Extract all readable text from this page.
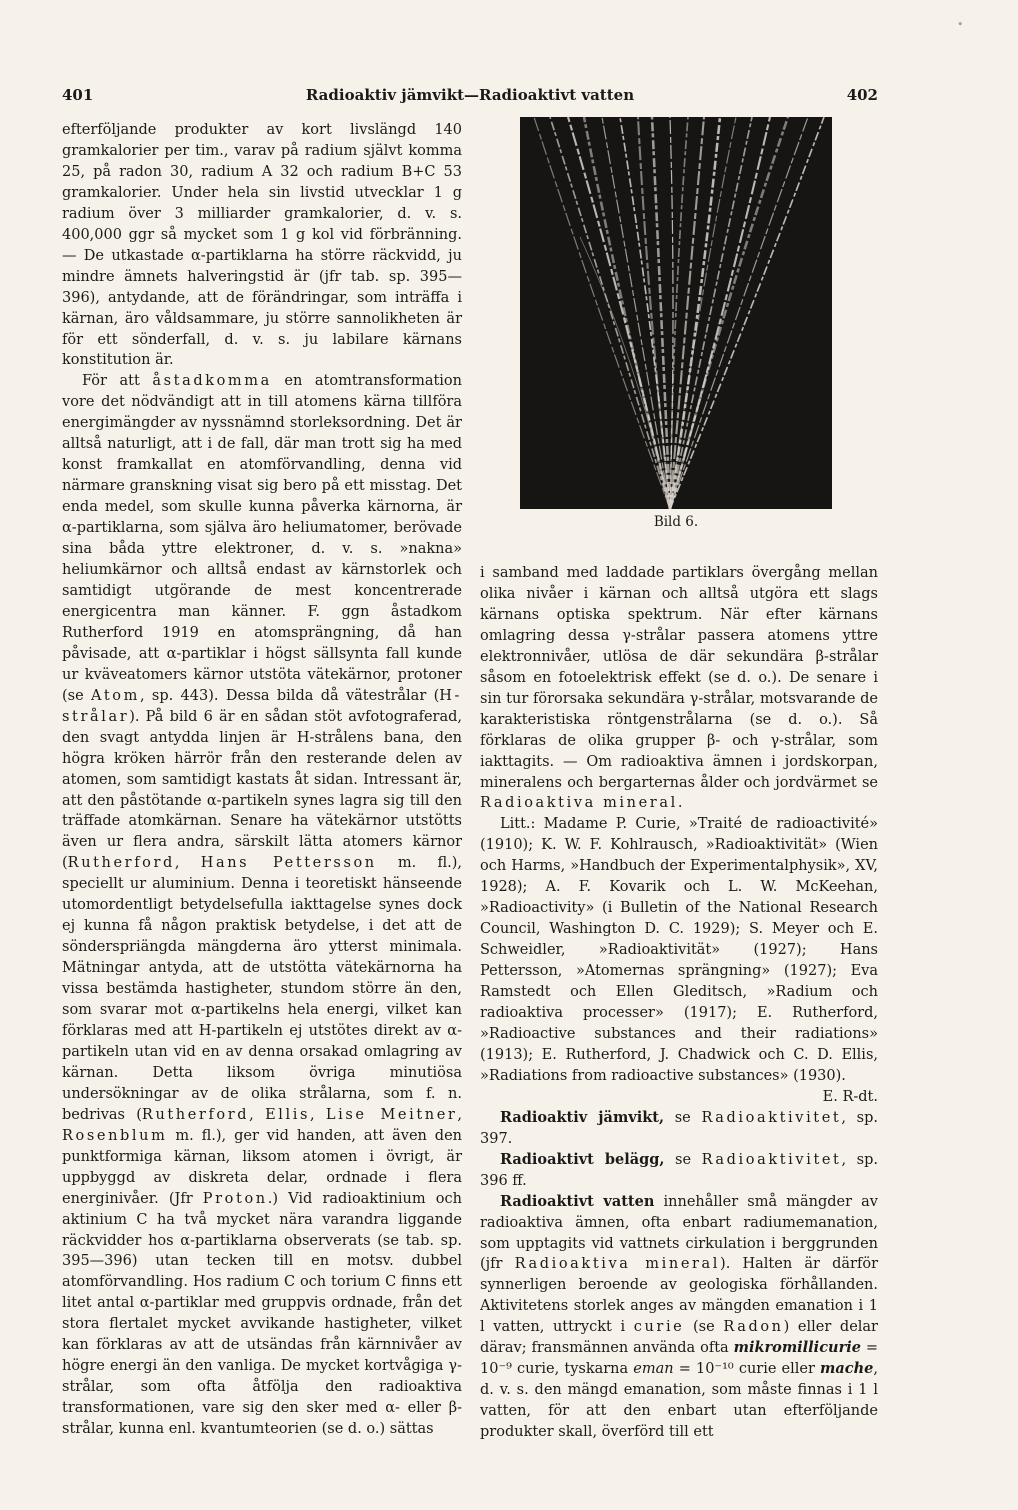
•
401	Radioaktiv jämvikt—Radioaktivt vatten	402

efterföljande produkter av kort livslängd 140 gramkalorier per tim., varav på radium självt komma 25, på radon 30, radium A 32 och radium B+C 53 gramkalorier. Under hela sin livstid utvecklar 1 g radium över 3 milliarder gramkalorier, d. v. s. 400,000 ggr så mycket som 1 g kol vid förbränning. — De utkastade α-partiklarna ha större räckvidd, ju mindre ämnets halveringstid är (jfr tab. sp. 395—396), antydande, att de förändringar, som inträffa i kärnan, äro våldsammare, ju större sannolikheten är för ett sönderfall, d. v. s. ju labilare kärnans konstitution är.

För att åstadkomma en atomtransformation vore det nödvändigt att in till atomens kärna tillföra energimängder av nyssnämnd storleksordning. Det är alltså naturligt, att i de fall, där man trott sig ha med konst framkallat en atomförvandling, denna vid närmare granskning visat sig bero på ett misstag. Det enda medel, som skulle kunna påverka kärnorna, är α-partiklarna, som själva äro heliumatomer, berövade sina båda yttre elektroner, d. v. s. »nakna» heliumkärnor och alltså endast av kärnstorlek och samtidigt utgörande de mest koncentrerade energicentra man känner. F. ggn åstadkom Rutherford 1919 en atomsprängning, då han påvisade, att α-partiklar i högst sällsynta fall kunde ur kväveatomers kärnor utstöta vätekärnor, protoner (se Atom, sp. 443). Dessa bilda då vätestrålar (H-strålar). På bild 6 är en sådan stöt avfotograferad, den svagt antydda linjen är H-strålens bana, den högra kröken härrör från den resterande delen av atomen, som samtidigt kastats åt sidan. Intressant är, att den påstötande α-partikeln synes lagra sig till den träffade atomkärnan. Senare ha vätekärnor utstötts även ur flera andra, särskilt lätta atomers kärnor (Rutherford, Hans Pettersson m. fl.), speciellt ur aluminium. Denna i teoretiskt hänseende utomordentligt betydelsefulla iakttagelse synes dock ej kunna få någon praktisk betydelse, i det att de sönderspriängda mängderna äro ytterst minimala. Mätningar antyda, att de utstötta vätekärnorna ha vissa bestämda hastigheter, stundom större än den, som svarar mot α-partikelns hela energi, vilket kan förklaras med att H-partikeln ej utstötes direkt av α-partikeln utan vid en av denna orsakad omlagring av kärnan. Detta liksom övriga minutiösa undersökningar av de olika strålarna, som f. n. bedrivas (Rutherford, Ellis, Lise Meitner, Rosenblum m. fl.), ger vid handen, att även den punktformiga kärnan, liksom atomen i övrigt, är uppbyggd av diskreta delar, ordnade i flera energinivåer. (Jfr Proton.) Vid radioaktinium och aktinium C ha två mycket nära varandra liggande räckvidder hos α-partiklarna observerats (se tab. sp. 395—396) utan tecken till en motsv. dubbel atomförvandling. Hos radium C och torium C finns ett litet antal α-partiklar med gruppvis ordnade, från det stora flertalet mycket avvikande hastigheter, vilket kan förklaras av att de utsändas från kärnnivåer av högre energi än den vanliga. De mycket kortvågiga γ-strålar, som ofta åtfölja den radioaktiva transformationen, vare sig den sker med α- eller β-strålar, kunna enl. kvantumteorien (se d. o.) sättas

Bild 6.

i samband med laddade partiklars övergång mellan olika nivåer i kärnan och alltså utgöra ett slags kärnans optiska spektrum. När efter kärnans omlagring dessa γ-strålar passera atomens yttre elektronnivåer, utlösa de där sekundära β-strålar såsom en fotoelektrisk effekt (se d. o.). De senare i sin tur förorsaka sekundära γ-strålar, motsvarande de karakteristiska röntgenstrålarna (se d. o.). Så förklaras de olika grupper β- och γ-strålar, som iakttagits. — Om radioaktiva ämnen i jordskorpan, mineralens och bergarternas ålder och jordvärmet se Radioaktiva mineral.

Litt.: Madame P. Curie, »Traité de radioactivité» (1910); K. W. F. Kohlrausch, »Radioaktivität» (Wien och Harms, »Handbuch der Experimentalphysik», XV, 1928); A. F. Kovarik och L. W. McKeehan, »Radioactivity» (i Bulletin of the National Research Council, Washington D. C. 1929); S. Meyer och E. Schweidler, »Radioaktivität» (1927); Hans Pettersson, »Atomernas sprängning» (1927); Eva Ramstedt och Ellen Gleditsch, »Radium och radioaktiva processer» (1917); E. Rutherford, »Radioactive substances and their radiations» (1913); E. Rutherford, J. Chadwick och C. D. Ellis, »Radiations from radioactive substances» (1930).
E. R-dt.

Radioaktiv jämvikt, se Radioaktivitet, sp. 397.

Radioaktivt belägg, se Radioaktivitet, sp. 396 ff.

Radioaktivt vatten innehåller små mängder av radioaktiva ämnen, ofta enbart radiumemanation, som upptagits vid vattnets cirkulation i berggrunden (jfr Radioaktiva mineral). Halten är därför synnerligen beroende av geologiska förhållanden. Aktivitetens storlek anges av mängden emanation i 1 l vatten, uttryckt i curie (se Radon) eller delar därav; fransmännen använda ofta mikromillicurie = 10⁻⁹ curie, tyskarna eman = 10⁻¹⁰ curie eller mache, d. v. s. den mängd emanation, som måste finnas i 1 l vatten, för att den enbart utan efterföljande produkter skall, överförd till ett
